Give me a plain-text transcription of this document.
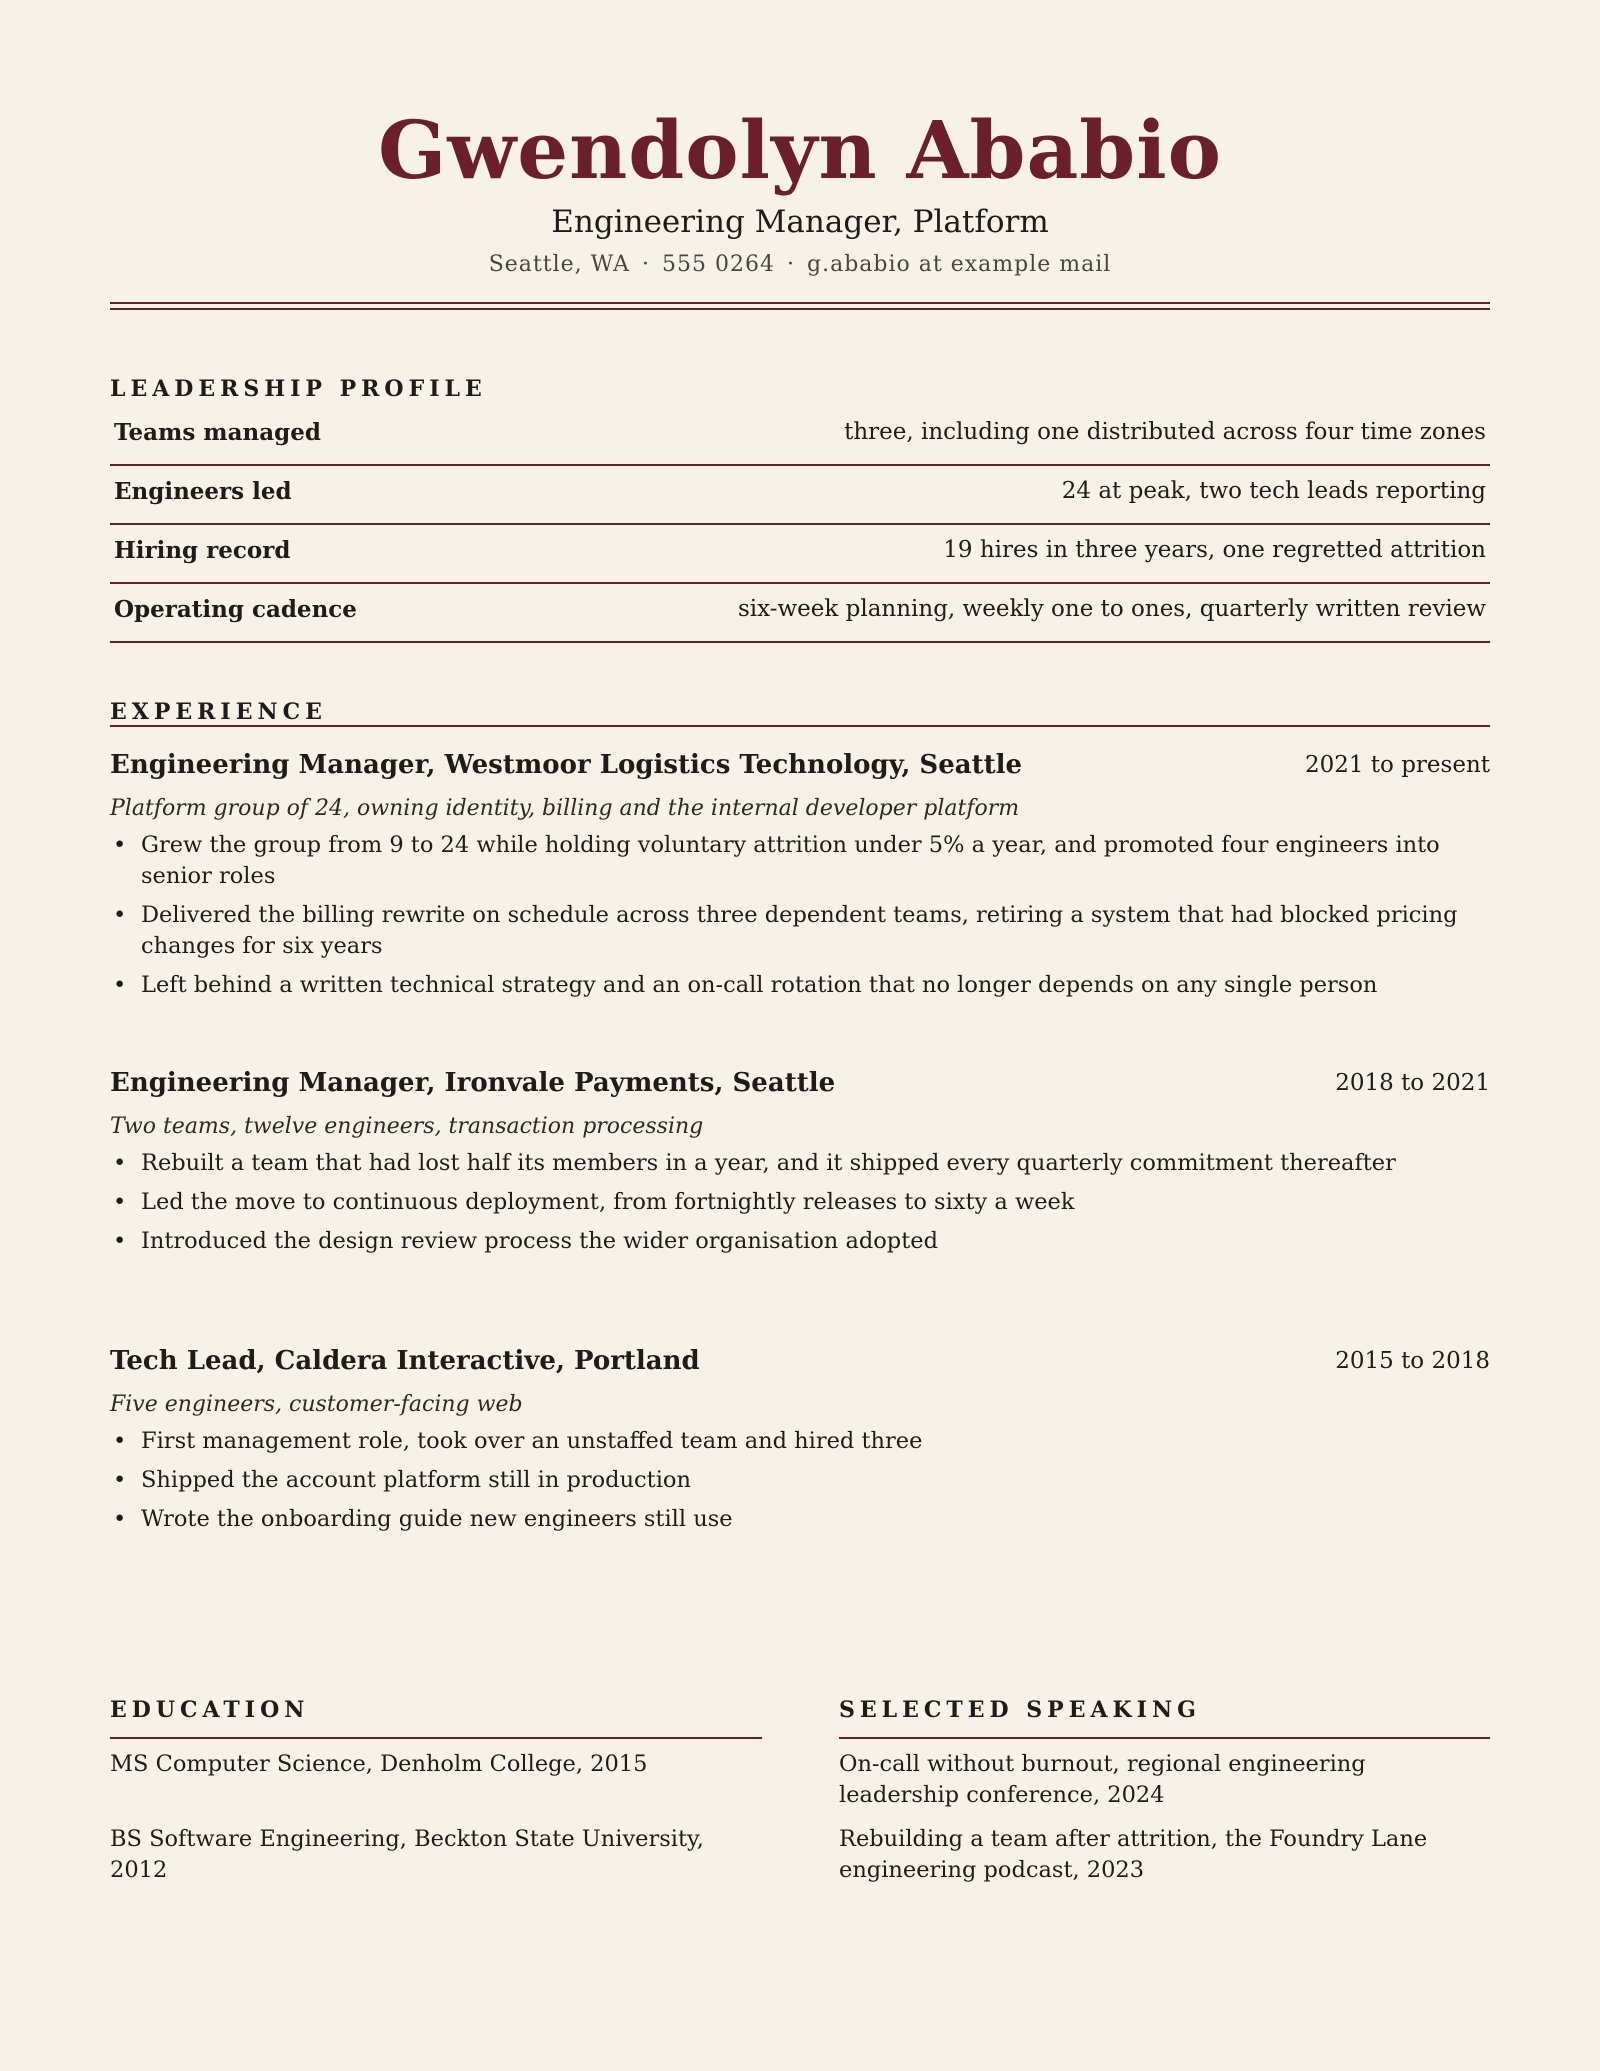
Gwendolyn Ababio
Engineering Manager, Platform
Seattle, WA · 555 0264 · g.ababio at example mail
LEADERSHIP PROFILE
Teams managed	three, including one distributed across four time zones
Engineers led	24 at peak, two tech leads reporting
Hiring record	19 hires in three years, one regretted attrition
Operating cadence	six-week planning, weekly one to ones, quarterly written review
EXPERIENCE
Engineering Manager, Westmoor Logistics Technology, Seattle	2021 to present
Platform group of 24, owning identity, billing and the internal developer platform
• Grew the group from 9 to 24 while holding voluntary attrition under 5% a year, and promoted four engineers into senior roles
• Delivered the billing rewrite on schedule across three dependent teams, retiring a system that had blocked pricing changes for six years
• Left behind a written technical strategy and an on-call rotation that no longer depends on any single person
Engineering Manager, Ironvale Payments, Seattle	2018 to 2021
Two teams, twelve engineers, transaction processing
• Rebuilt a team that had lost half its members in a year, and it shipped every quarterly commitment thereafter
• Led the move to continuous deployment, from fortnightly releases to sixty a week
• Introduced the design review process the wider organisation adopted
Tech Lead, Caldera Interactive, Portland	2015 to 2018
Five engineers, customer-facing web
• First management role, took over an unstaffed team and hired three
• Shipped the account platform still in production
• Wrote the onboarding guide new engineers still use
EDUCATION
MS Computer Science, Denholm College, 2015
BS Software Engineering, Beckton State University, 2012
SELECTED SPEAKING
On-call without burnout, regional engineering leadership conference, 2024
Rebuilding a team after attrition, the Foundry Lane engineering podcast, 2023
